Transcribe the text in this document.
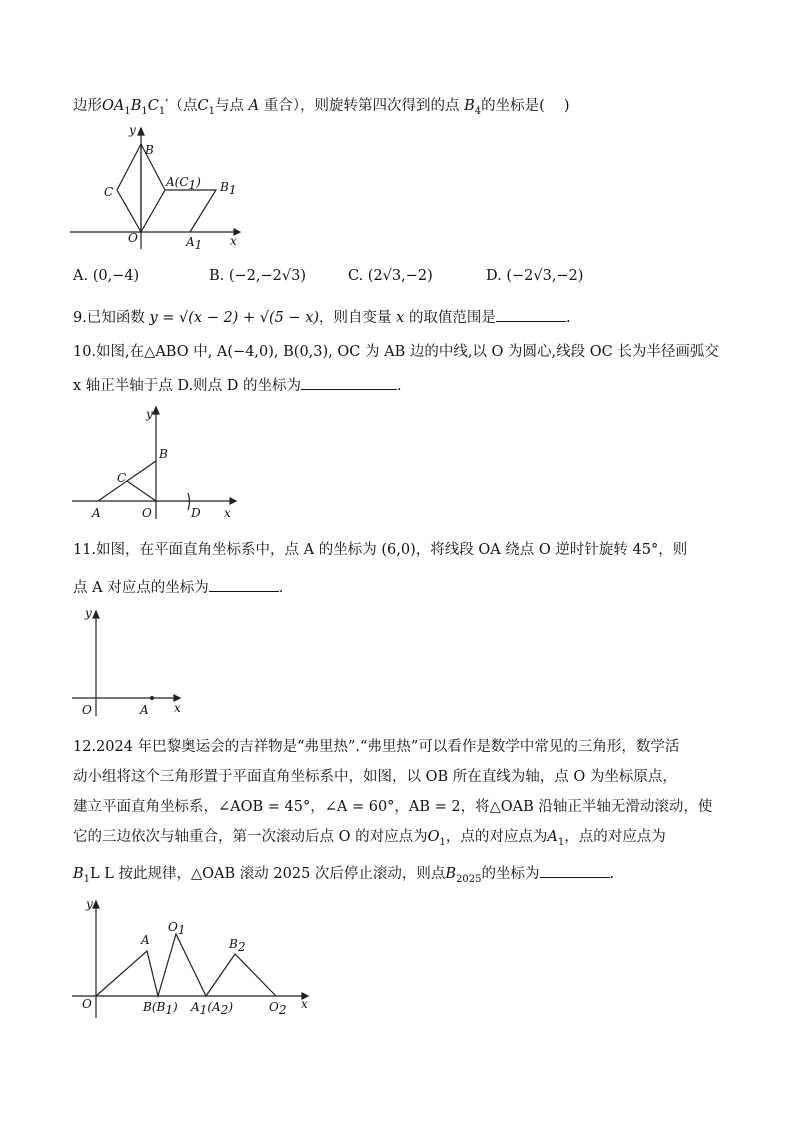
边形$OA_1B_1C_1'$（点$C_1$与点 A 重合），则旋转第四次得到的点 $B_4$的坐标是(　 )
y
B
C
A(C1) B1
O	A1 x
A. (0,−4)	B. (−2,−2√3)	C. (2√3,−2)	D. (−2√3,−2)
9.已知函数 y = √(x − 2) + √(5 − x)，则自变量 x 的取值范围是	.
10.如图,在△ABO 中, A(−4,0), B(0,3), OC 为 AB 边的中线,以 O 为圆心,线段 OC 长为半径画弧交
x 轴正半轴于点 D.则点 D 的坐标为	.
y
B
C
A	O	D x
11.如图，在平面直角坐标系中，点 A 的坐标为 (6,0)，将线段 OA 绕点 O 逆时针旋转 45°，则
点 A 对应点的坐标为	.
y
O	A x
12.2024 年巴黎奥运会的吉祥物是“弗里热”.“弗里热”可以看作是数学中常见的三角形，数学活
动小组将这个三角形置于平面直角坐标系中，如图，以 OB 所在直线为轴，点 O 为坐标原点，
建立平面直角坐标系，∠AOB = 45°，∠A = 60°，AB = 2，将△OAB 沿轴正半轴无滑动滚动，使
它的三边依次与轴重合，第一次滚动后点 O 的对应点为$O_1$，点的对应点为$A_1$，点的对应点为
$B_1L$ L 按此规律，△OAB 滚动 2025 次后停止滚动，则点$B_{2025}$的坐标为	.
y
A
O1
B2
O	B(B1) A1(A2)	O2 x
